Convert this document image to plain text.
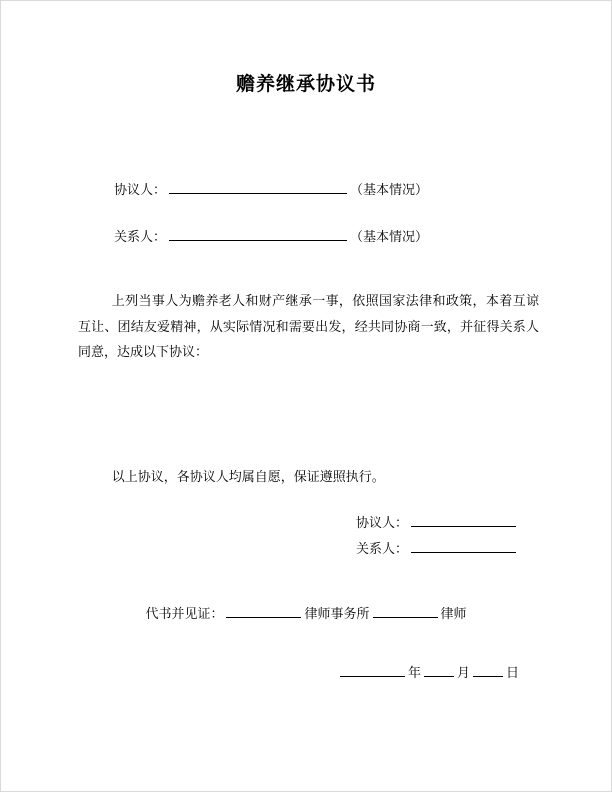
赡养继承协议书
协议人：	（基本情况）
关系人：	（基本情况）

上列当事人为赡养老人和财产继承一事，依照国家法律和政策，本着互谅互让、团结友爱精神，从实际情况和需要出发，经共同协商一致，并征得关系人同意，达成以下协议：

以上协议，各协议人均属自愿，保证遵照执行。

协议人：
关系人：
代书并见证：	律师事务所	律师
年	月	日
